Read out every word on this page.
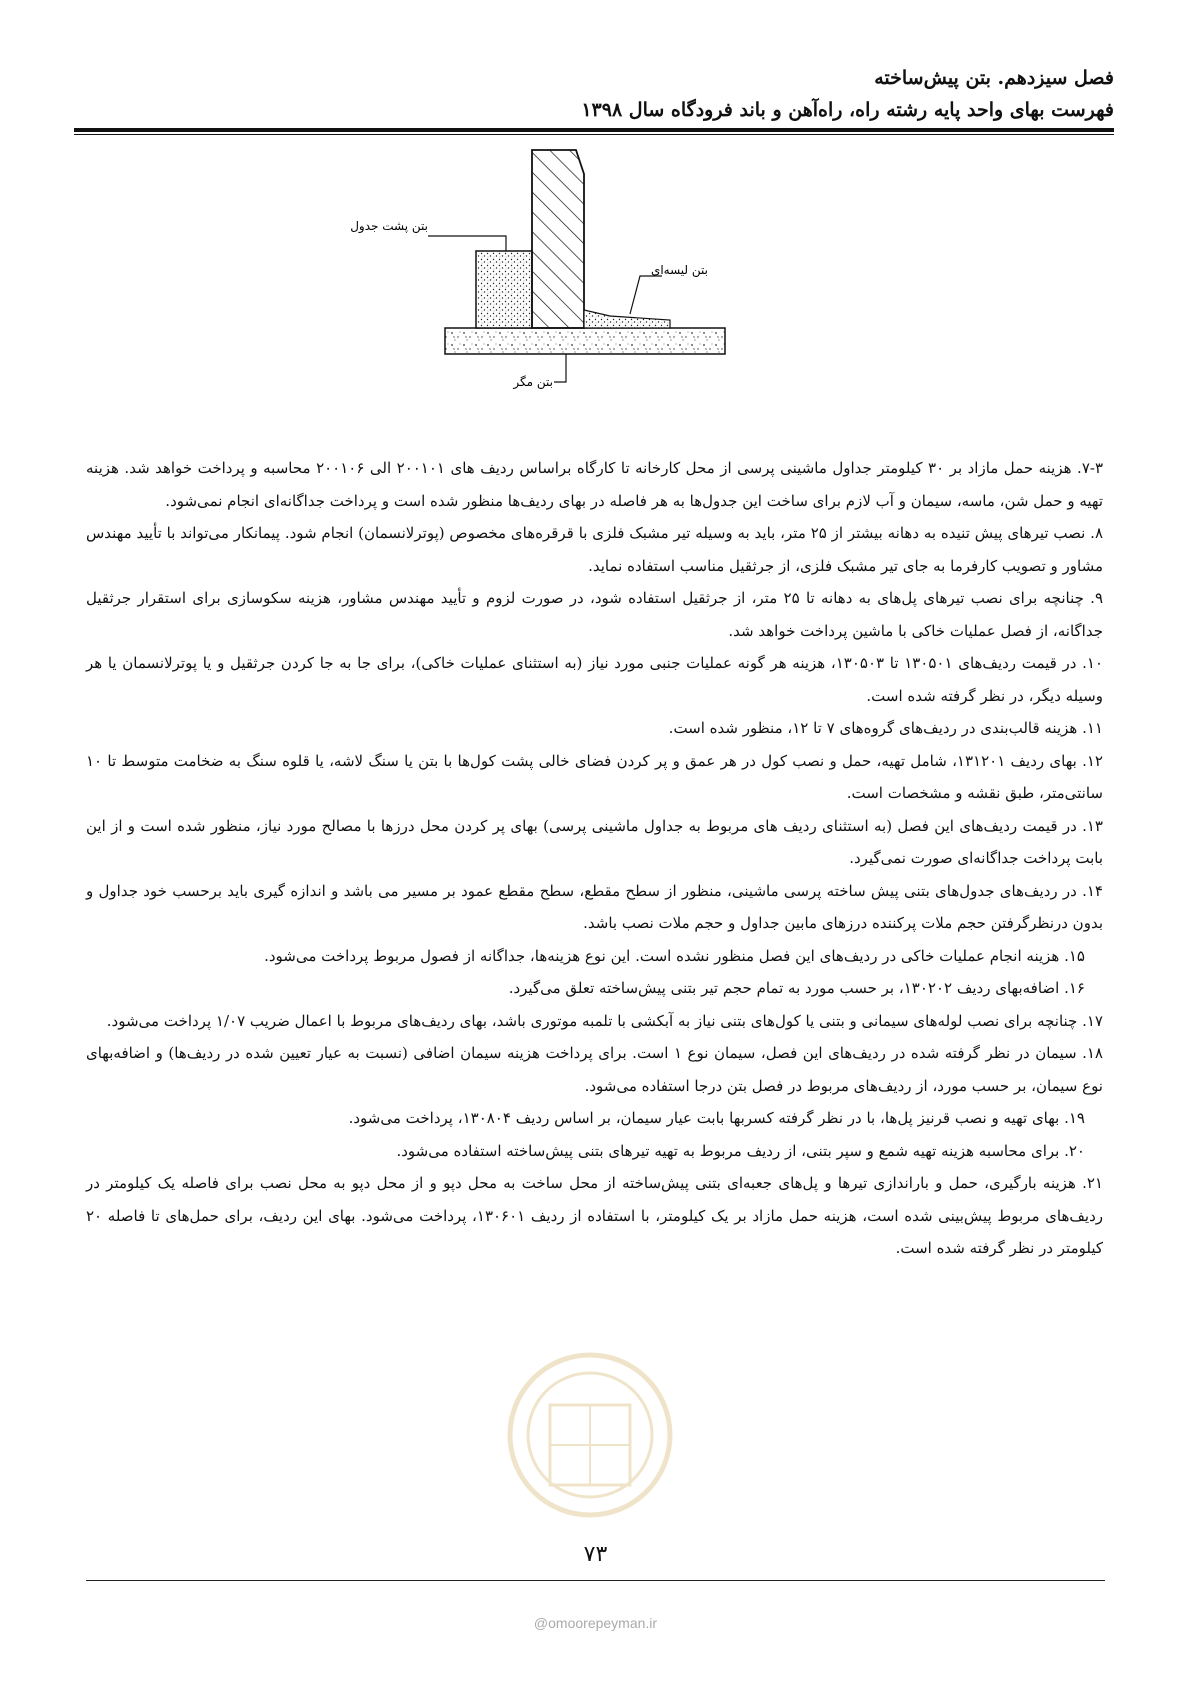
فصل سیزدهم. بتن پیش‌ساخته
فهرست بهای واحد پایه رشته راه، راه‌آهن و باند فرودگاه سال ۱۳۹۸
بتن پشت جدول
بتن لیسه‌ای
بتن مگر

۷-۳. هزینه حمل مازاد بر ۳۰ کیلومتر جداول ماشینی پرسی از محل کارخانه تا کارگاه براساس ردیف های ۲۰۰۱۰۱ الی ۲۰۰۱۰۶ محاسبه و پرداخت خواهد شد. هزینه تهیه و حمل شن، ماسه، سیمان و آب لازم برای ساخت این جدول‌ها به هر فاصله در بهای ردیف‌ها منظور شده است و پرداخت جداگانه‌ای انجام نمی‌شود.

۸. نصب تیرهای پیش تنیده به دهانه بیشتر از ۲۵ متر، باید به وسیله تیر مشبک فلزی با قرقره‌های مخصوص (پوترلانسمان) انجام شود. پیمانکار می‌تواند با تأیید مهندس مشاور و تصویب کارفرما به جای تیر مشبک فلزی، از جرثقیل مناسب استفاده نماید.

۹. چنانچه برای نصب تیرهای پل‌های به دهانه تا ۲۵ متر، از جرثقیل استفاده شود، در صورت لزوم و تأیید مهندس مشاور، هزینه سکوسازی برای استقرار جرثقیل جداگانه، از فصل عملیات خاکی با ماشین پرداخت خواهد شد.

۱۰. در قیمت ردیف‌های ۱۳۰۵۰۱ تا ۱۳۰۵۰۳، هزینه هر گونه عملیات جنبی مورد نیاز (به استثنای عملیات خاکی)، برای جا به جا کردن جرثقیل و یا پوترلانسمان یا هر وسیله دیگر، در نظر گرفته شده است.

۱۱. هزینه قالب‌بندی در ردیف‌های گروه‌های ۷ تا ۱۲، منظور شده است.

۱۲. بهای ردیف ۱۳۱۲۰۱، شامل تهیه، حمل و نصب کول در هر عمق و پر کردن فضای خالی پشت کول‌ها با بتن یا سنگ لاشه، یا قلوه سنگ به ضخامت متوسط تا ۱۰ سانتی‌متر، طبق نقشه و مشخصات است.

۱۳. در قیمت ردیف‌های این فصل (به استثنای ردیف های مربوط به جداول ماشینی پرسی) بهای پر کردن محل درزها با مصالح مورد نیاز، منظور شده است و از این بابت پرداخت جداگانه‌ای صورت نمی‌گیرد.

۱۴. در ردیف‌های جدول‌های بتنی پیش ساخته پرسی ماشینی، منظور از سطح مقطع، سطح مقطع عمود بر مسیر می باشد و اندازه گیری باید برحسب خود جداول و بدون درنظرگرفتن حجم ملات پرکننده درزهای مابین جداول و حجم ملات نصب باشد.

۱۵. هزینه انجام عملیات خاکی در ردیف‌های این فصل منظور نشده است. این نوع هزینه‌ها، جداگانه از فصول مربوط پرداخت می‌شود.

۱۶. اضافه‌بهای ردیف ۱۳۰۲۰۲، بر حسب مورد به تمام حجم تیر بتنی پیش‌ساخته تعلق می‌گیرد.

۱۷. چنانچه برای نصب لوله‌های سیمانی و بتنی یا کول‌های بتنی نیاز به آبکشی با تلمبه موتوری باشد، بهای ردیف‌های مربوط با اعمال ضریب ۱/۰۷ پرداخت می‌شود.

۱۸. سیمان در نظر گرفته شده در ردیف‌های این فصل، سیمان نوع ۱ است. برای پرداخت هزینه سیمان اضافی (نسبت به عیار تعیین شده در ردیف‌ها) و اضافه‌بهای نوع سیمان، بر حسب مورد، از ردیف‌های مربوط در فصل بتن درجا استفاده می‌شود.

۱۹. بهای تهیه و نصب قرنیز پل‌ها، با در نظر گرفته کسربها بابت عیار سیمان، بر اساس ردیف ۱۳۰۸۰۴، پرداخت می‌شود.

۲۰. برای محاسبه هزینه تهیه شمع و سپر بتنی، از ردیف مربوط به تهیه تیرهای بتنی پیش‌ساخته استفاده می‌شود.

۲۱. هزینه بارگیری، حمل و باراندازی تیرها و پل‌های جعبه‌ای بتنی پیش‌ساخته از محل ساخت به محل دپو و از محل دپو به محل نصب برای فاصله یک کیلومتر در ردیف‌های مربوط پیش‌بینی شده است، هزینه حمل مازاد بر یک کیلومتر، با استفاده از ردیف ۱۳۰۶۰۱، پرداخت می‌شود. بهای این ردیف، برای حمل‌های تا فاصله ۲۰ کیلومتر در نظر گرفته شده است.

۷۳
@omoorepeyman.ir
